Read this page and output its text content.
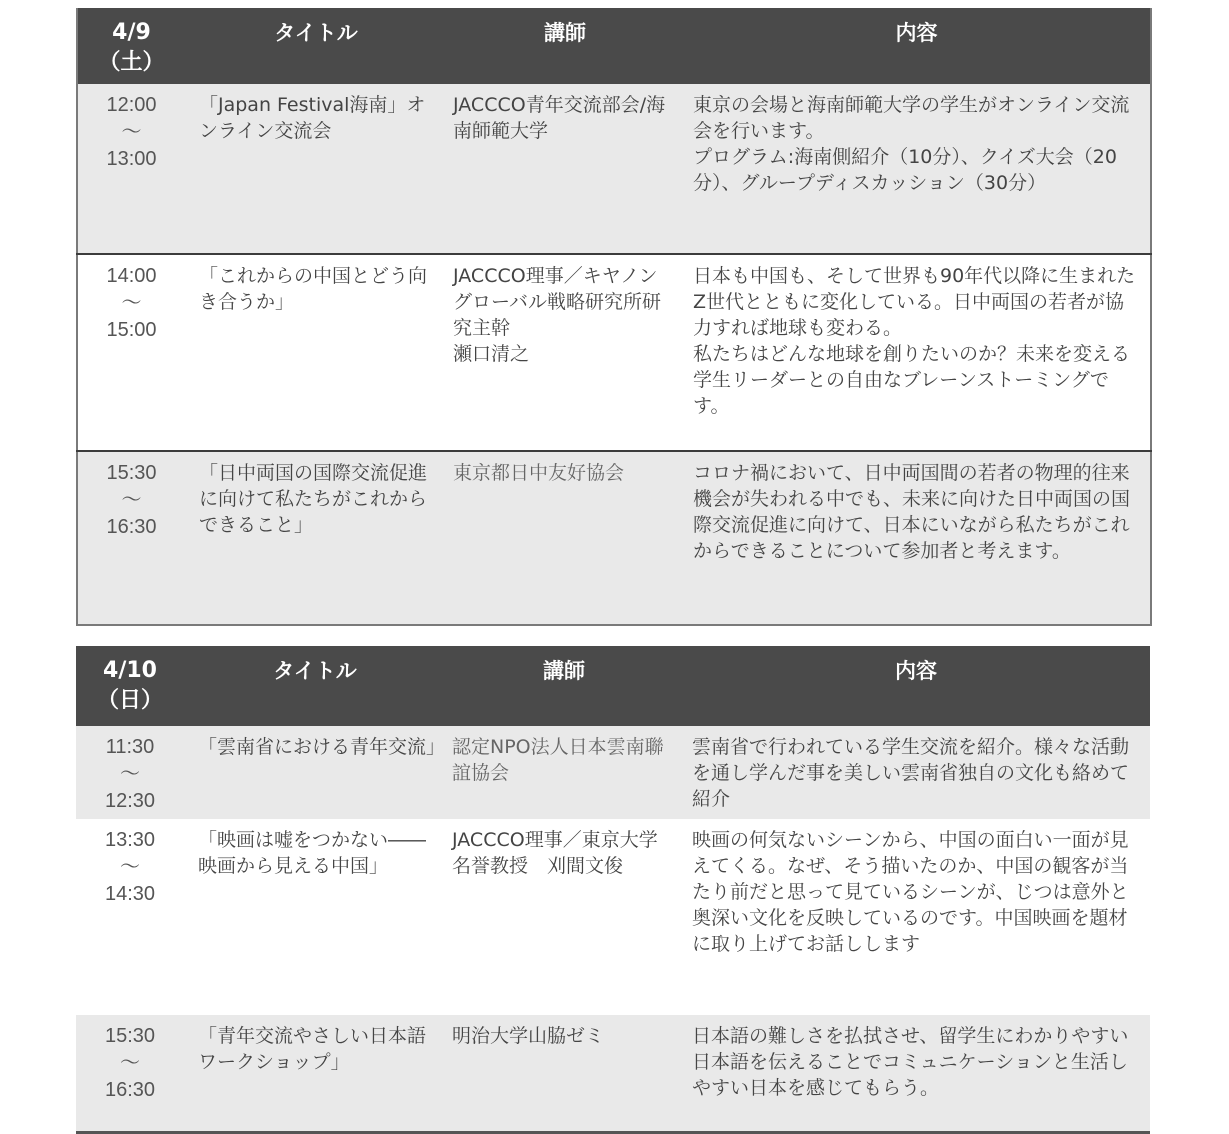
4/9
（土）	タイトル	講師	内容

12:00
～
13:00	「Japan Festival海南」オンライン交流会	JACCCO青年交流部会/海南師範大学	東京の会場と海南師範大学の学生がオンライン交流会を行います。
プログラム:海南側紹介（10分）、クイズ大会（20分）、グループディスカッション（30分）

14:00
～
15:00	「これからの中国とどう向き合うか」	JACCCO理事／キヤノングローバル戦略研究所研究主幹
瀬口清之	日本も中国も、そして世界も90年代以降に生まれたZ世代とともに変化している。日中両国の若者が協力すれば地球も変わる。
私たちはどんな地球を創りたいのか？未来を変える学生リーダーとの自由なブレーンストーミングです。

15:30
～
16:30	「日中両国の国際交流促進に向けて私たちがこれからできること」	東京都日中友好協会	コロナ禍において、日中両国間の若者の物理的往来機会が失われる中でも、未来に向けた日中両国の国際交流促進に向けて、日本にいながら私たちがこれからできることについて参加者と考えます。
4/10
（日）	タイトル	講師	内容

11:30
～
12:30	「雲南省における青年交流」	認定NPO法人日本雲南聯誼協会	雲南省で行われている学生交流を紹介。様々な活動を通し学んだ事を美しい雲南省独自の文化も絡めて紹介

13:30
～
14:30	「映画は嘘をつかない――映画から見える中国」	JACCCO理事／東京大学名誉教授　刈間文俊	映画の何気ないシーンから、中国の面白い一面が見えてくる。なぜ、そう描いたのか、中国の観客が当たり前だと思って見ているシーンが、じつは意外と奥深い文化を反映しているのです。中国映画を題材に取り上げてお話しします

15:30
～
16:30	「青年交流やさしい日本語ワークショップ」	明治大学山脇ゼミ	日本語の難しさを払拭させ、留学生にわかりやすい日本語を伝えることでコミュニケーションと生活しやすい日本を感じてもらう。
